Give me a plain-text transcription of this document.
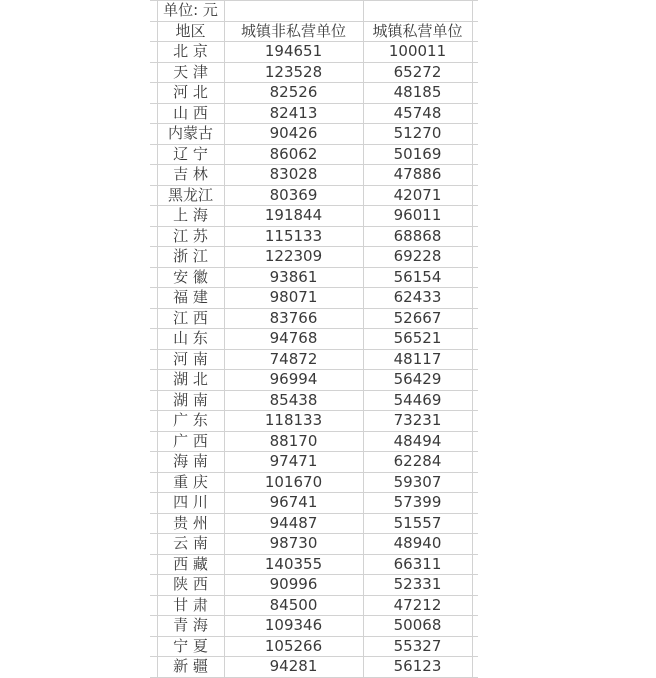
	单位: 元			
	地区	城镇非私营单位	城镇私营单位	
	北 京	194651	100011	
	天 津	123528	65272	
	河 北	82526	48185	
	山 西	82413	45748	
	内蒙古	90426	51270	
	辽 宁	86062	50169	
	吉 林	83028	47886	
	黑龙江	80369	42071	
	上 海	191844	96011	
	江 苏	115133	68868	
	浙 江	122309	69228	
	安 徽	93861	56154	
	福 建	98071	62433	
	江 西	83766	52667	
	山 东	94768	56521	
	河 南	74872	48117	
	湖 北	96994	56429	
	湖 南	85438	54469	
	广 东	118133	73231	
	广 西	88170	48494	
	海 南	97471	62284	
	重 庆	101670	59307	
	四 川	96741	57399	
	贵 州	94487	51557	
	云 南	98730	48940	
	西 藏	140355	66311	
	陕 西	90996	52331	
	甘 肃	84500	47212	
	青 海	109346	50068	
	宁 夏	105266	55327	
	新 疆	94281	56123	
